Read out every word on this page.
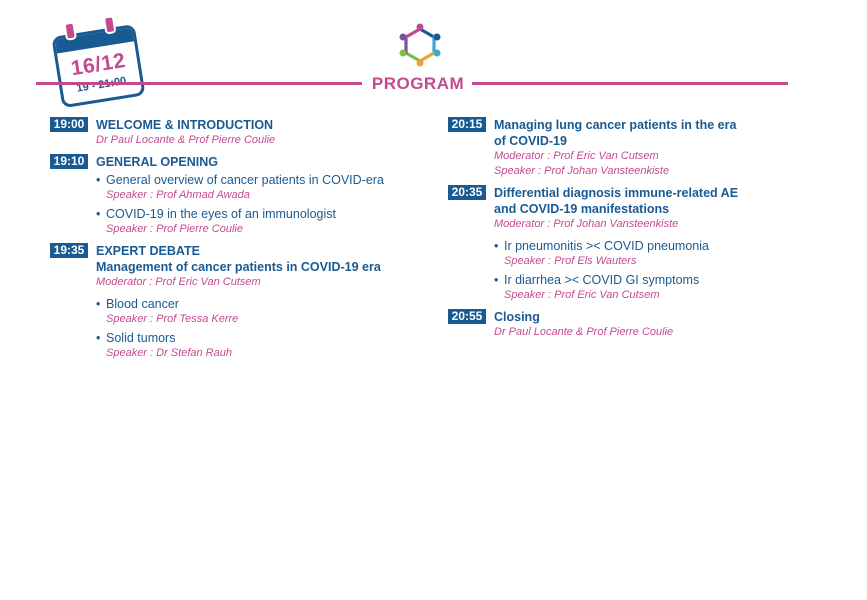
16/12
PROGRAM
19:00 WELCOME & INTRODUCTION
Dr Paul Locante & Prof Pierre Coulie
19:10 GENERAL OPENING
• General overview of cancer patients in COVID-era
Speaker : Prof Ahmad Awada
• COVID-19 in the eyes of an immunologist
Speaker : Prof Pierre Coulie
19:35 EXPERT DEBATE
Management of cancer patients in COVID-19 era
Moderator : Prof Eric Van Cutsem
• Blood cancer
Speaker : Prof Tessa Kerre
• Solid tumors
Speaker : Dr Stefan Rauh
20:15 Managing lung cancer patients in the era of COVID-19
Moderator : Prof Eric Van Cutsem
Speaker : Prof Johan Vansteenkiste
20:35 Differential diagnosis immune-related AE and COVID-19 manifestations
Moderator : Prof Johan Vansteenkiste
• Ir pneumonitis >< COVID pneumonia
Speaker : Prof Els Wauters
• Ir diarrhea >< COVID GI symptoms
Speaker : Prof Eric Van Cutsem
20:55 Closing
Dr Paul Locante & Prof Pierre Coulie
